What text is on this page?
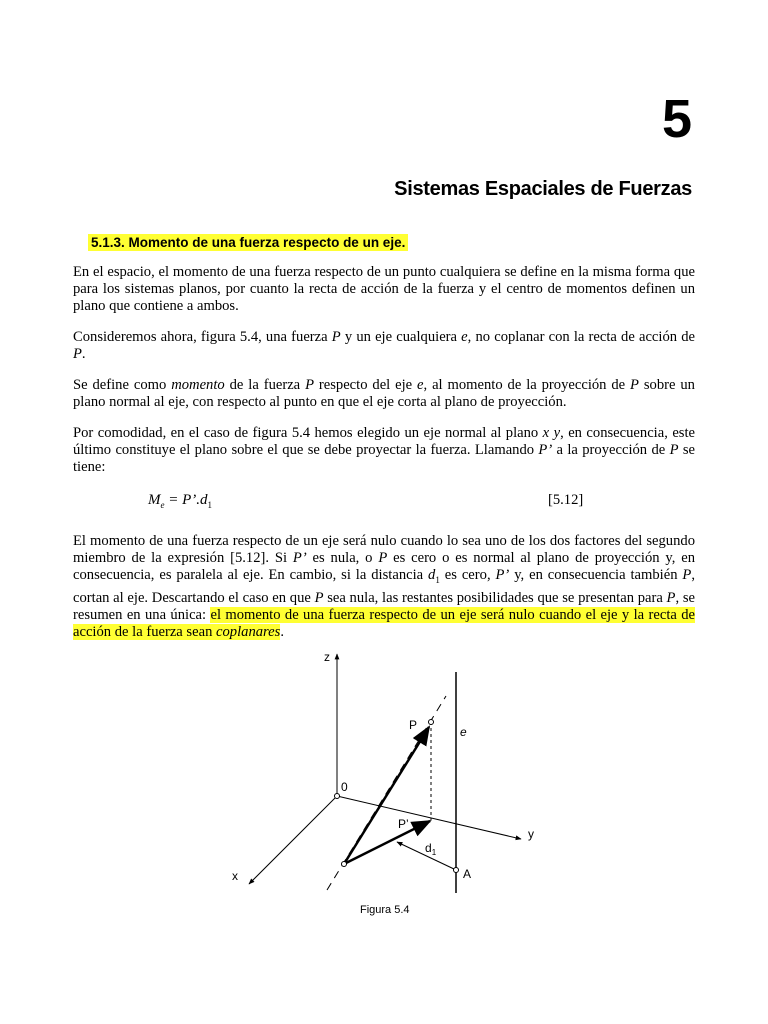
5
Sistemas Espaciales de Fuerzas
5.1.3. Momento de una fuerza respecto de un eje.

En el espacio, el momento de una fuerza respecto de un punto cualquiera se define en la misma forma que para los sistemas planos, por cuanto la recta de acción de la fuerza y el centro de momentos definen un plano que contiene a ambos.

Consideremos ahora, figura 5.4, una fuerza P y un eje cualquiera e, no coplanar con la recta de acción de P.

Se define como momento de la fuerza P respecto del eje e, al momento de la proyección de P sobre un plano normal al eje, con respecto al punto en que el eje corta al plano de proyección.

Por comodidad, en el caso de figura 5.4 hemos elegido un eje normal al plano x y, en consecuencia, este último constituye el plano sobre el que se debe proyectar la fuerza. Llamando P’ a la proyección de P se tiene:

$M_e$ = $P’.d_1$	[5.12]

El momento de una fuerza respecto de un eje será nulo cuando lo sea uno de los dos factores del segundo miembro de la expresión [5.12]. Si P’ es nula, o P es cero o es normal al plano de proyección y, en consecuencia, es paralela al eje. En cambio, si la distancia $d_1$ es cero, P’ y, en consecuencia también P, cortan al eje. Descartando el caso en que P sea nula, las restantes posibilidades que se presentan para P, se resumen en una única: el momento de una fuerza respecto de un eje será nulo cuando el eje y la recta de acción de la fuerza sean coplanares.

z
y
x
0
P
P’
e
$d_1$
A
Figura 5.4
